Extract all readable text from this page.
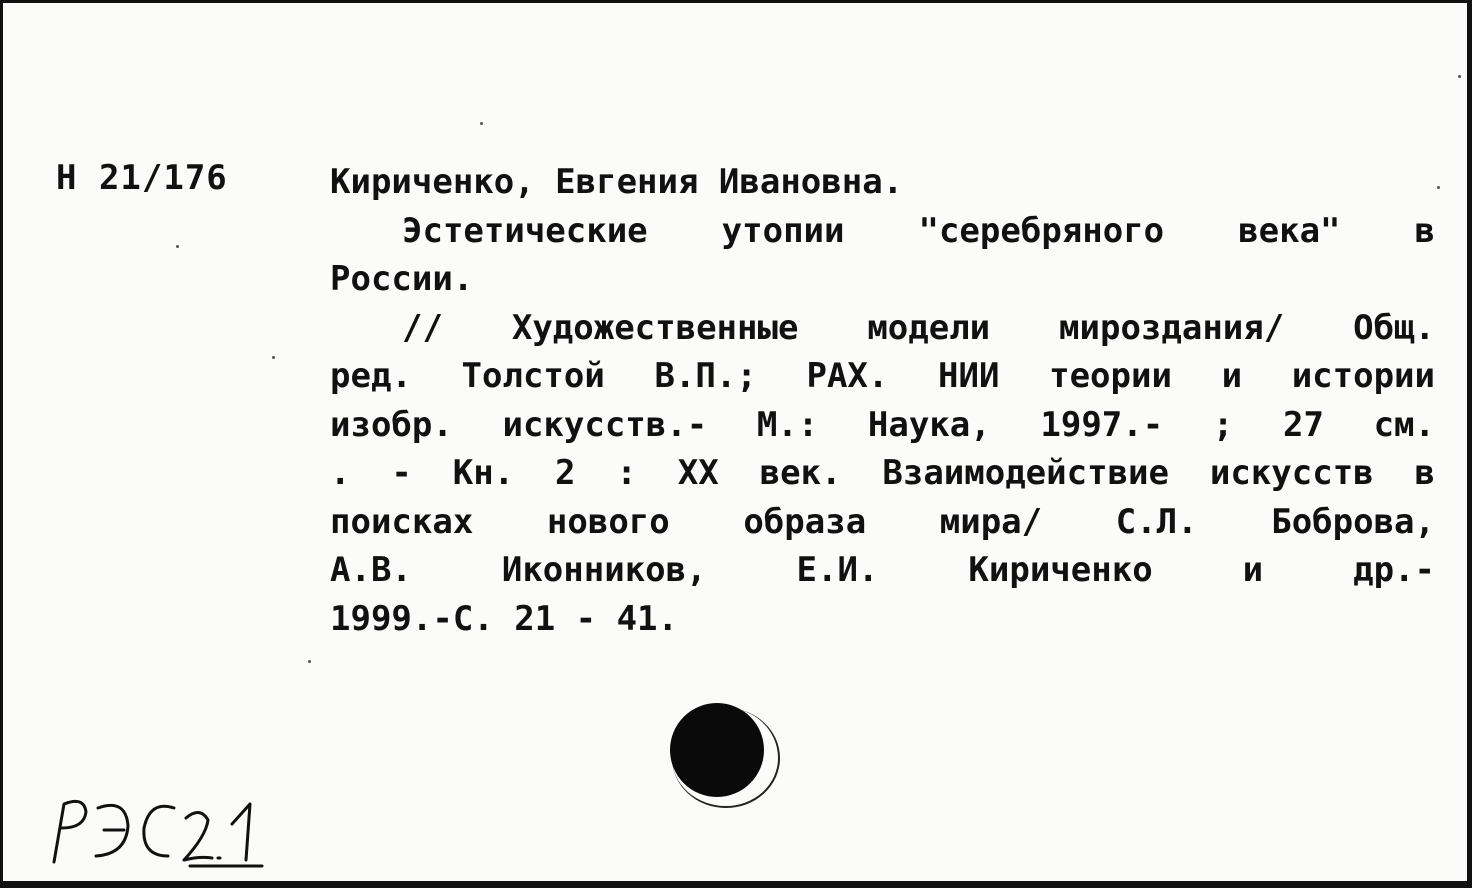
Н 21/176	Кириченко, Евгения Ивановна.
Эстетические утопии "серебряного века" в
России.
// Художественные модели мироздания/ Общ.
ред. Толстой В.П.; РАХ. НИИ теории и истории
изобр. искусств.- М.: Наука, 1997.- ; 27 см.
. - Кн. 2 : XX век. Взаимодействие искусств в
поисках нового образа мира/ С.Л. Боброва,
А.В. Иконников, Е.И. Кириченко и др.-
1999.-С. 21 - 41.
